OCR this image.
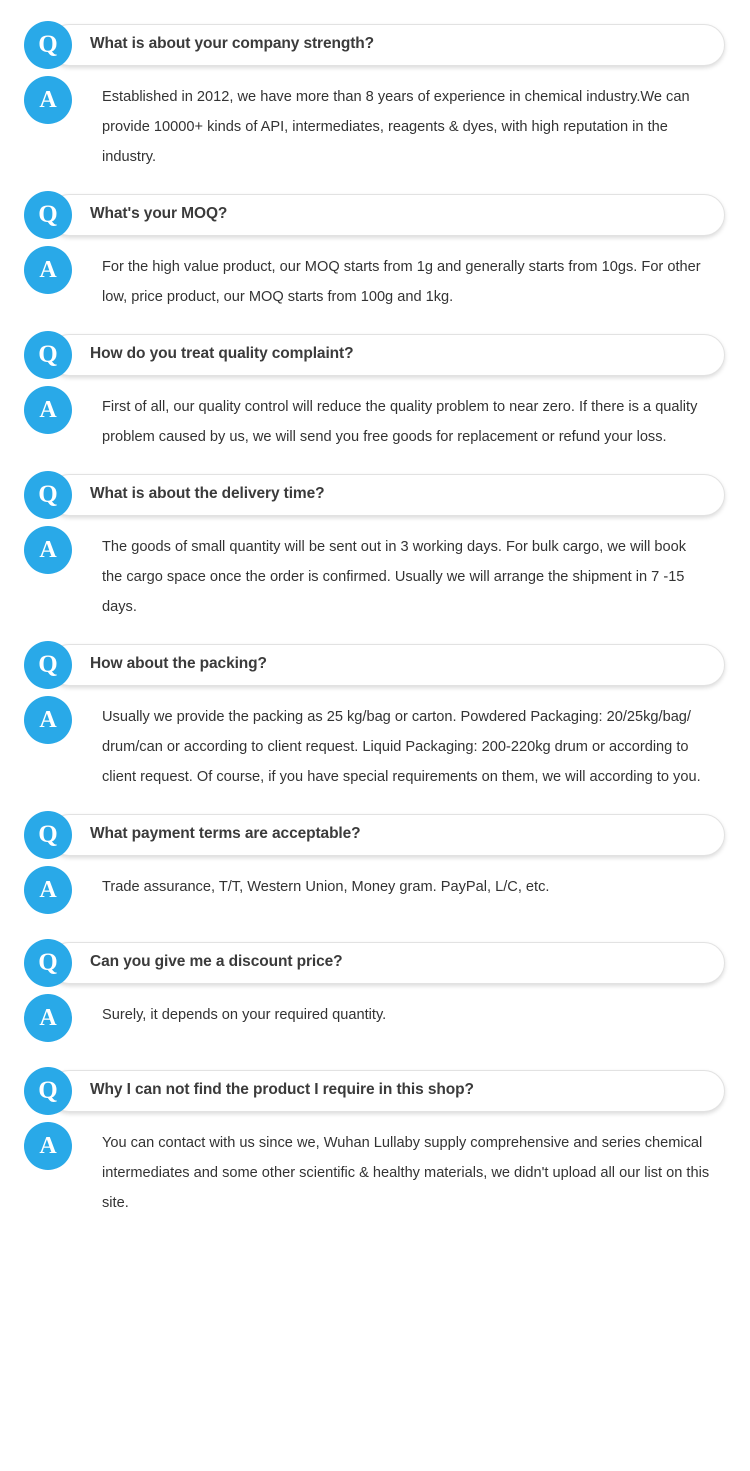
Q	What is about your company strength?
A	Established in 2012, we have more than 8 years of experience in chemical industry.We can provide 10000+ kinds of API, intermediates, reagents & dyes, with high reputation in the industry.
Q	What's your MOQ?
A	For the high value product, our MOQ starts from 1g and generally starts from 10gs. For other low, price product, our MOQ starts from 100g and 1kg.
Q	How do you treat quality complaint?
A	First of all, our quality control will reduce the quality problem to near zero. If there is a quality problem caused by us, we will send you free goods for replacement or refund your loss.
Q	What is about the delivery time?
A	The goods of small quantity will be sent out in 3 working days. For bulk cargo, we will book the cargo space once the order is confirmed. Usually we will arrange the shipment in 7 -15 days.
Q	How about the packing?
A	Usually we provide the packing as 25 kg/bag or carton. Powdered Packaging: 20/25kg/bag/ drum/can or according to client request. Liquid Packaging: 200-220kg drum or according to client request. Of course, if you have special requirements on them, we will according to you.
Q	What payment terms are acceptable?
A	Trade assurance, T/T, Western Union, Money gram. PayPal, L/C, etc.
Q	Can you give me a discount price?
A	Surely, it depends on your required quantity.
Q	Why I can not find the product I require in this shop?
A	You can contact with us since we, Wuhan Lullaby supply comprehensive and series chemical intermediates and some other scientific & healthy materials, we didn't upload all our list on this site.
